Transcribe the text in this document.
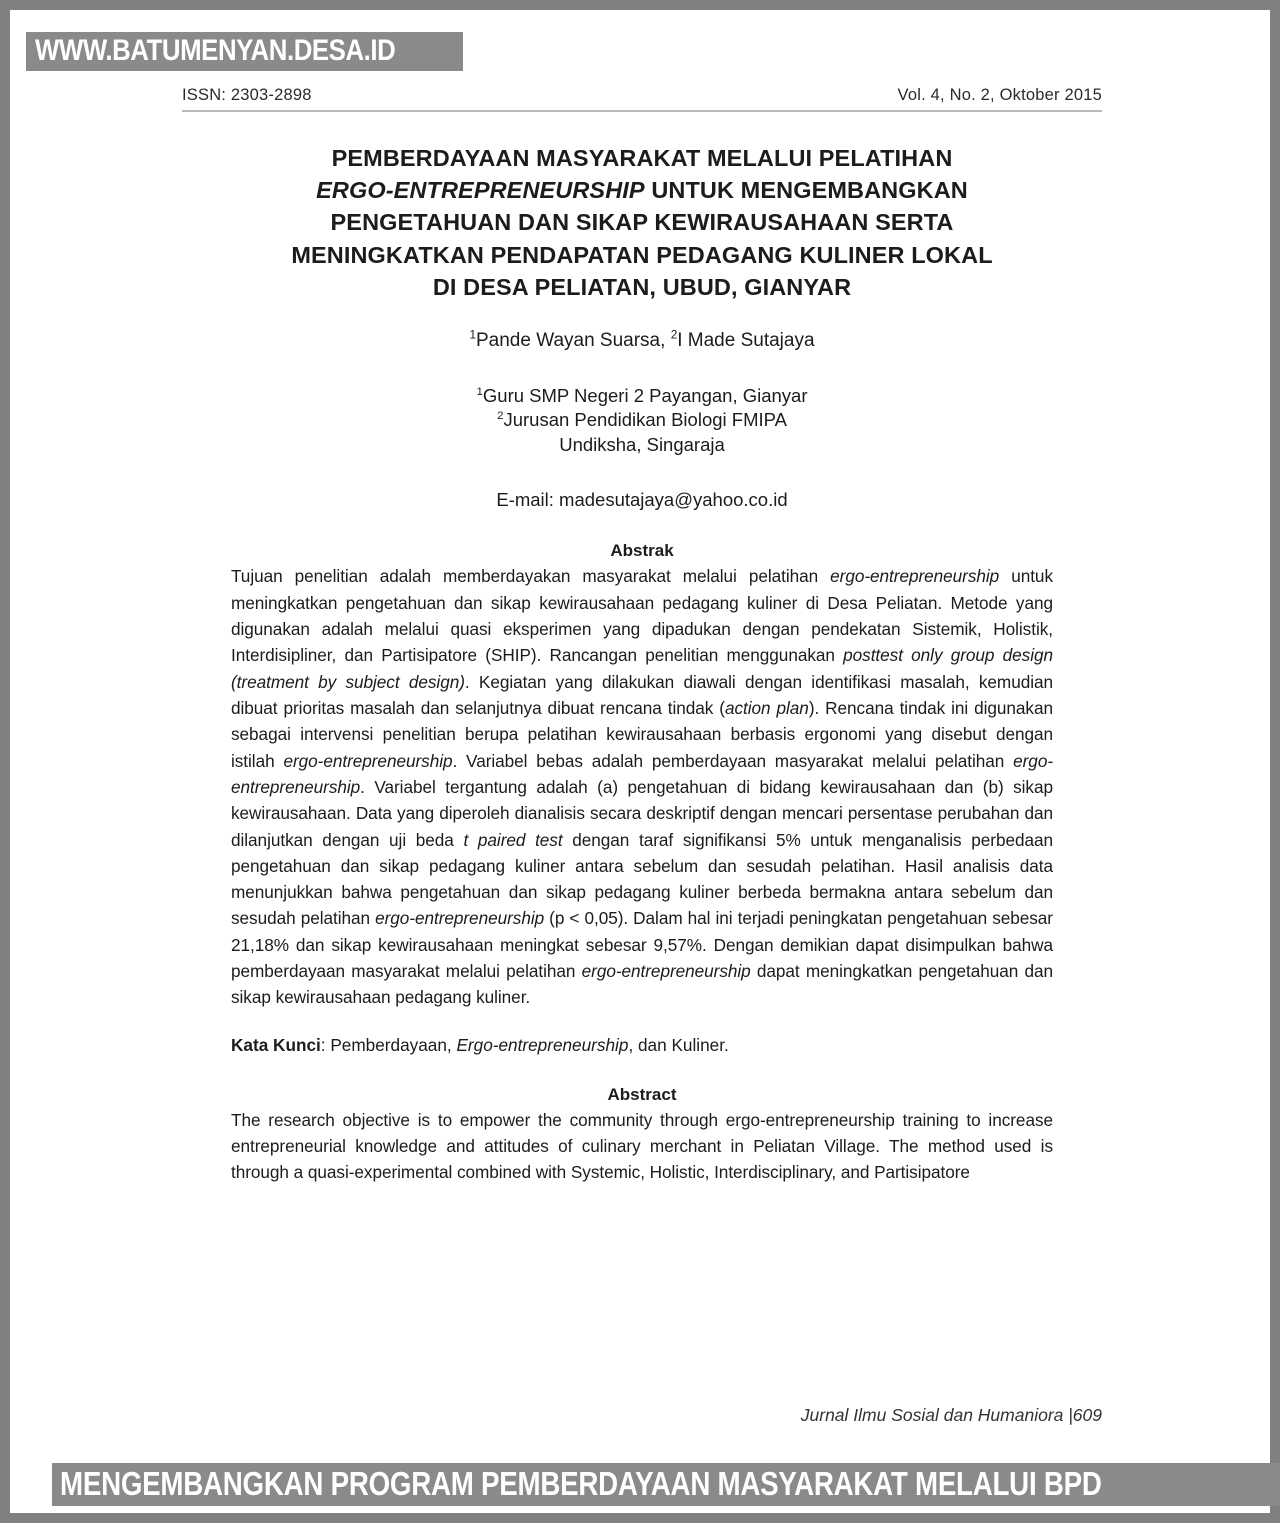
WWW.BATUMENYAN.DESA.ID
ISSN: 2303-2898	Vol. 4, No. 2, Oktober 2015
PEMBERDAYAAN MASYARAKAT MELALUI PELATIHAN
ERGO-ENTREPRENEURSHIP UNTUK MENGEMBANGKAN
PENGETAHUAN DAN SIKAP KEWIRAUSAHAAN SERTA
MENINGKATKAN PENDAPATAN PEDAGANG KULINER LOKAL
DI DESA PELIATAN, UBUD, GIANYAR
$^1$Pande Wayan Suarsa, $^2$I Made Sutajaya
$^1$Guru SMP Negeri 2 Payangan, Gianyar
$^2$Jurusan Pendidikan Biologi FMIPA
Undiksha, Singaraja
E-mail: madesutajaya@yahoo.co.id
Abstrak
Tujuan penelitian adalah memberdayakan masyarakat melalui pelatihan ergo-entrepreneurship untuk meningkatkan pengetahuan dan sikap kewirausahaan pedagang kuliner di Desa Peliatan. Metode yang digunakan adalah melalui quasi eksperimen yang dipadukan dengan pendekatan Sistemik, Holistik, Interdisipliner, dan Partisipatore (SHIP). Rancangan penelitian menggunakan posttest only group design (treatment by subject design). Kegiatan yang dilakukan diawali dengan identifikasi masalah, kemudian dibuat prioritas masalah dan selanjutnya dibuat rencana tindak (action plan). Rencana tindak ini digunakan sebagai intervensi penelitian berupa pelatihan kewirausahaan berbasis ergonomi yang disebut dengan istilah ergo-entrepreneurship. Variabel bebas adalah pemberdayaan masyarakat melalui pelatihan ergo-entrepreneurship. Variabel tergantung adalah (a) pengetahuan di bidang kewirausahaan dan (b) sikap kewirausahaan. Data yang diperoleh dianalisis secara deskriptif dengan mencari persentase perubahan dan dilanjutkan dengan uji beda t paired test dengan taraf signifikansi 5% untuk menganalisis perbedaan pengetahuan dan sikap pedagang kuliner antara sebelum dan sesudah pelatihan. Hasil analisis data menunjukkan bahwa pengetahuan dan sikap pedagang kuliner berbeda bermakna antara sebelum dan sesudah pelatihan ergo-entrepreneurship (p < 0,05). Dalam hal ini terjadi peningkatan pengetahuan sebesar 21,18% dan sikap kewirausahaan meningkat sebesar 9,57%. Dengan demikian dapat disimpulkan bahwa pemberdayaan masyarakat melalui pelatihan ergo-entrepreneurship dapat meningkatkan pengetahuan dan sikap kewirausahaan pedagang kuliner.
Kata Kunci: Pemberdayaan, Ergo-entrepreneurship, dan Kuliner.
Abstract
The research objective is to empower the community through ergo-entrepreneurship training to increase entrepreneurial knowledge and attitudes of culinary merchant in Peliatan Village. The method used is through a quasi-experimental combined with Systemic, Holistic, Interdisciplinary, and Partisipatore
Jurnal Ilmu Sosial dan Humaniora |609
MENGEMBANGKAN PROGRAM PEMBERDAYAAN MASYARAKAT MELALUI BPD
